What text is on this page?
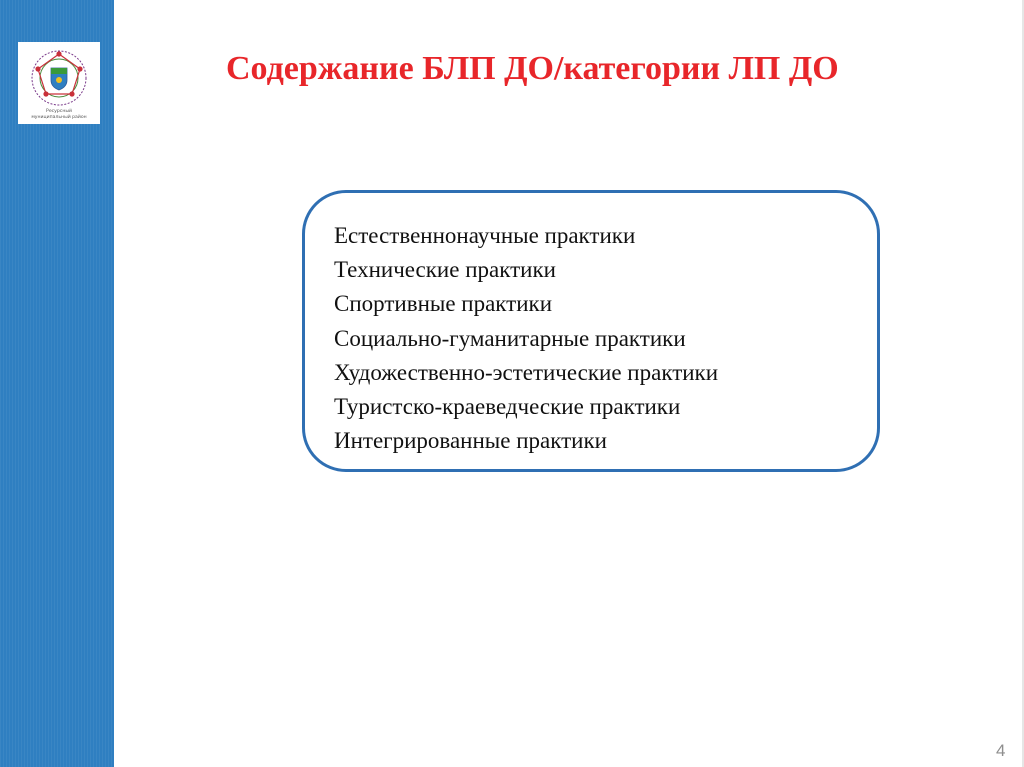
Ресурсный
муниципальный район
Содержание БЛП ДО/категории ЛП ДО
Естественнонаучные практики
Технические практики
Спортивные практики
Социально-гуманитарные практики
Художественно-эстетические практики
Туристско-краеведческие практики
Интегрированные практики
4
